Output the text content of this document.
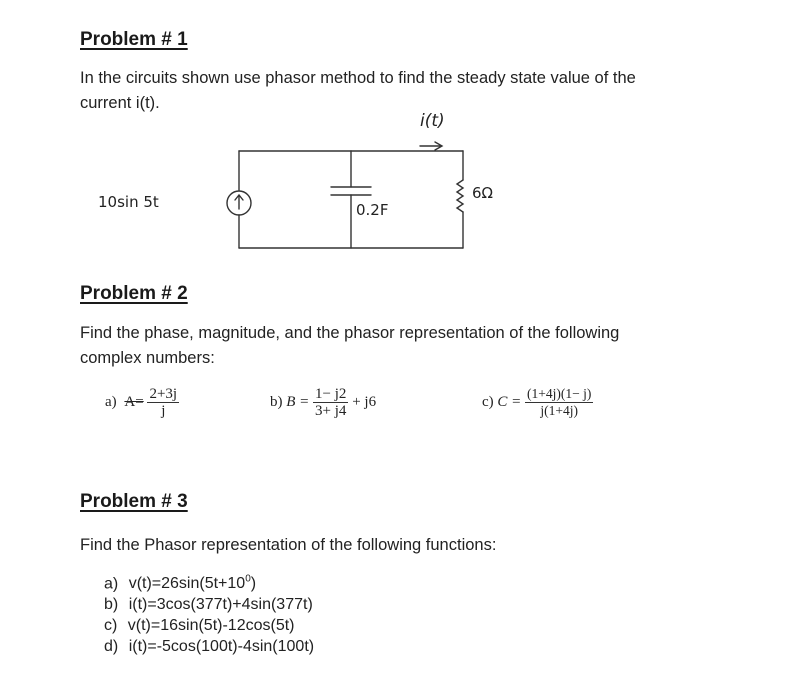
Problem # 1
In the circuits shown use phasor method to find the steady state value of the
current i(t).
i(t)
10sin 5t	0.2F
6Ω
Problem # 2
Find the phase, magnitude, and the phasor representation of the following
complex numbers:
a) $A= \frac{2+3j}{j}$	b) $B = \frac{1- j2}{3+ j4} + j6$	c) $C = \frac{(1+4j)(1- j)}{j(1+4j)}$
Problem # 3
Find the Phasor representation of the following functions:
a) $v(t)=26\sin(5t+10^0)$
b) i(t)=3cos(377t)+4sin(377t)
c) v(t)=16sin(5t)-12cos(5t)
d) i(t)=-5cos(100t)-4sin(100t)
